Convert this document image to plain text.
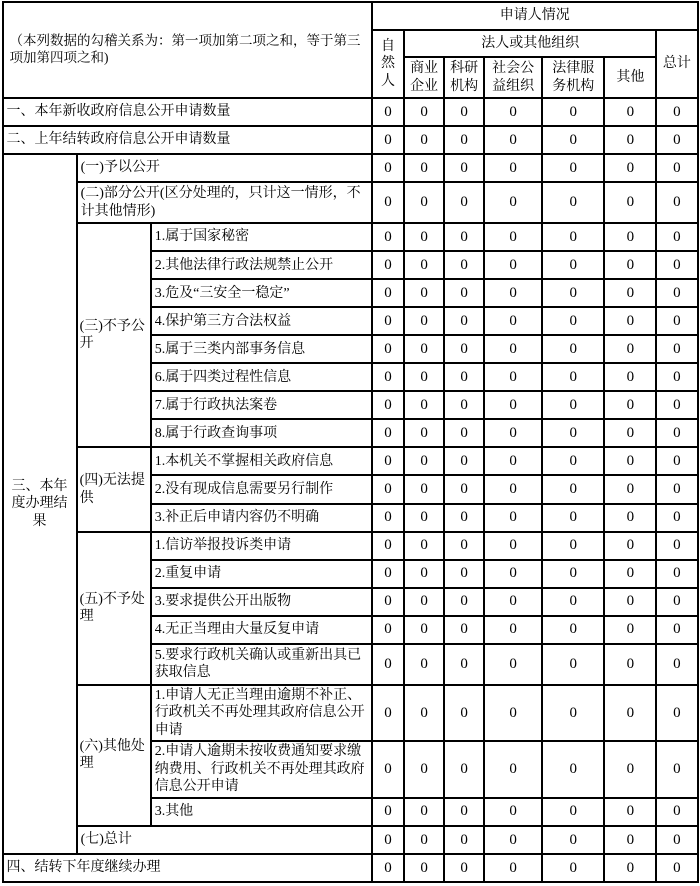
（本列数据的勾稽关系为：第一项加第二项之和，等于第三项加第四项之和)			申请人情况						
			自然人	法人或其他组织					总计
				商业企业	科研机构	社会公益组织	法律服务机构	其他	
一、本年新收政府信息公开申请数量			0	0	0	0	0	0	0
二、上年结转政府信息公开申请数量			0	0	0	0	0	0	0
三、本年度办理结果	(一)予以公开		0	0	0	0	0	0	0
	(二)部分公开(区分处理的，只计这一情形，不计其他情形)		0	0	0	0	0	0	0
	(三)不予公开	1.属于国家秘密	0	0	0	0	0	0	0
		2.其他法律行政法规禁止公开	0	0	0	0	0	0	0
		3.危及“三安全一稳定”	0	0	0	0	0	0	0
		4.保护第三方合法权益	0	0	0	0	0	0	0
		5.属于三类内部事务信息	0	0	0	0	0	0	0
		6.属于四类过程性信息	0	0	0	0	0	0	0
		7.属于行政执法案卷	0	0	0	0	0	0	0
		8.属于行政查询事项	0	0	0	0	0	0	0
	(四)无法提供	1.本机关不掌握相关政府信息	0	0	0	0	0	0	0
		2.没有现成信息需要另行制作	0	0	0	0	0	0	0
		3.补正后申请内容仍不明确	0	0	0	0	0	0	0
	(五)不予处理	1.信访举报投诉类申请	0	0	0	0	0	0	0
		2.重复申请	0	0	0	0	0	0	0
		3.要求提供公开出版物	0	0	0	0	0	0	0
		4.无正当理由大量反复申请	0	0	0	0	0	0	0
		5.要求行政机关确认或重新出具已获取信息	0	0	0	0	0	0	0
	(六)其他处理	1.申请人无正当理由逾期不补正、行政机关不再处理其政府信息公开申请	0	0	0	0	0	0	0
		2.申请人逾期未按收费通知要求缴纳费用、行政机关不再处理其政府信息公开申请	0	0	0	0	0	0	0
		3.其他	0	0	0	0	0	0	0
	(七)总计		0	0	0	0	0	0	0
四、结转下年度继续办理			0	0	0	0	0	0	0
